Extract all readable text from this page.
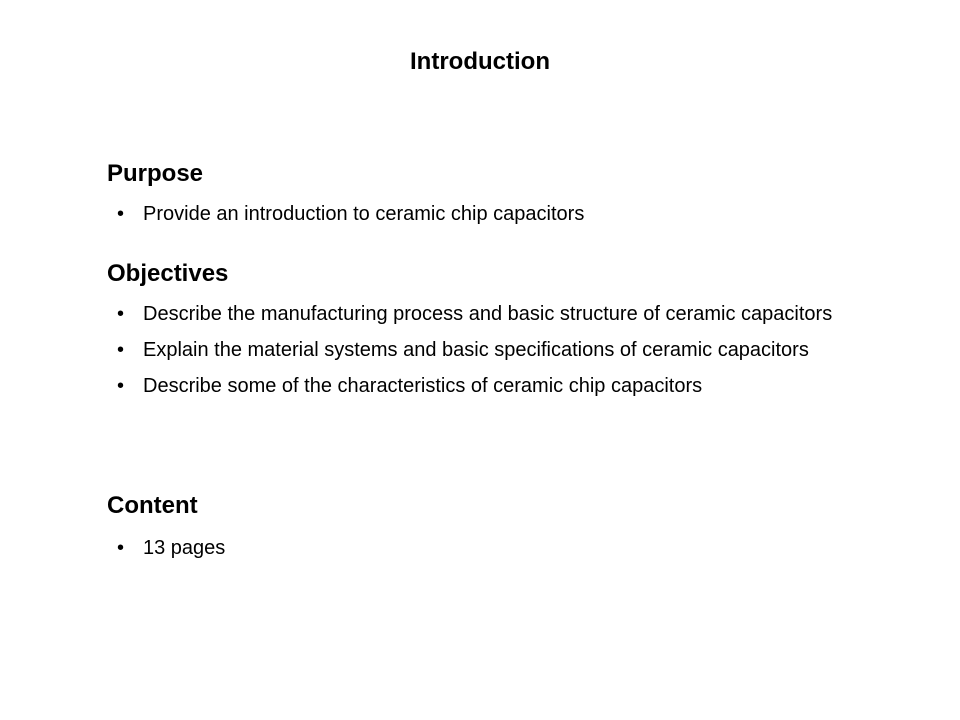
Introduction
Purpose
• Provide an introduction to ceramic chip capacitors
Objectives
• Describe the manufacturing process and basic structure of ceramic capacitors
• Explain the material systems and basic specifications of ceramic capacitors
• Describe some of the characteristics of ceramic chip capacitors
Content
• 13 pages
